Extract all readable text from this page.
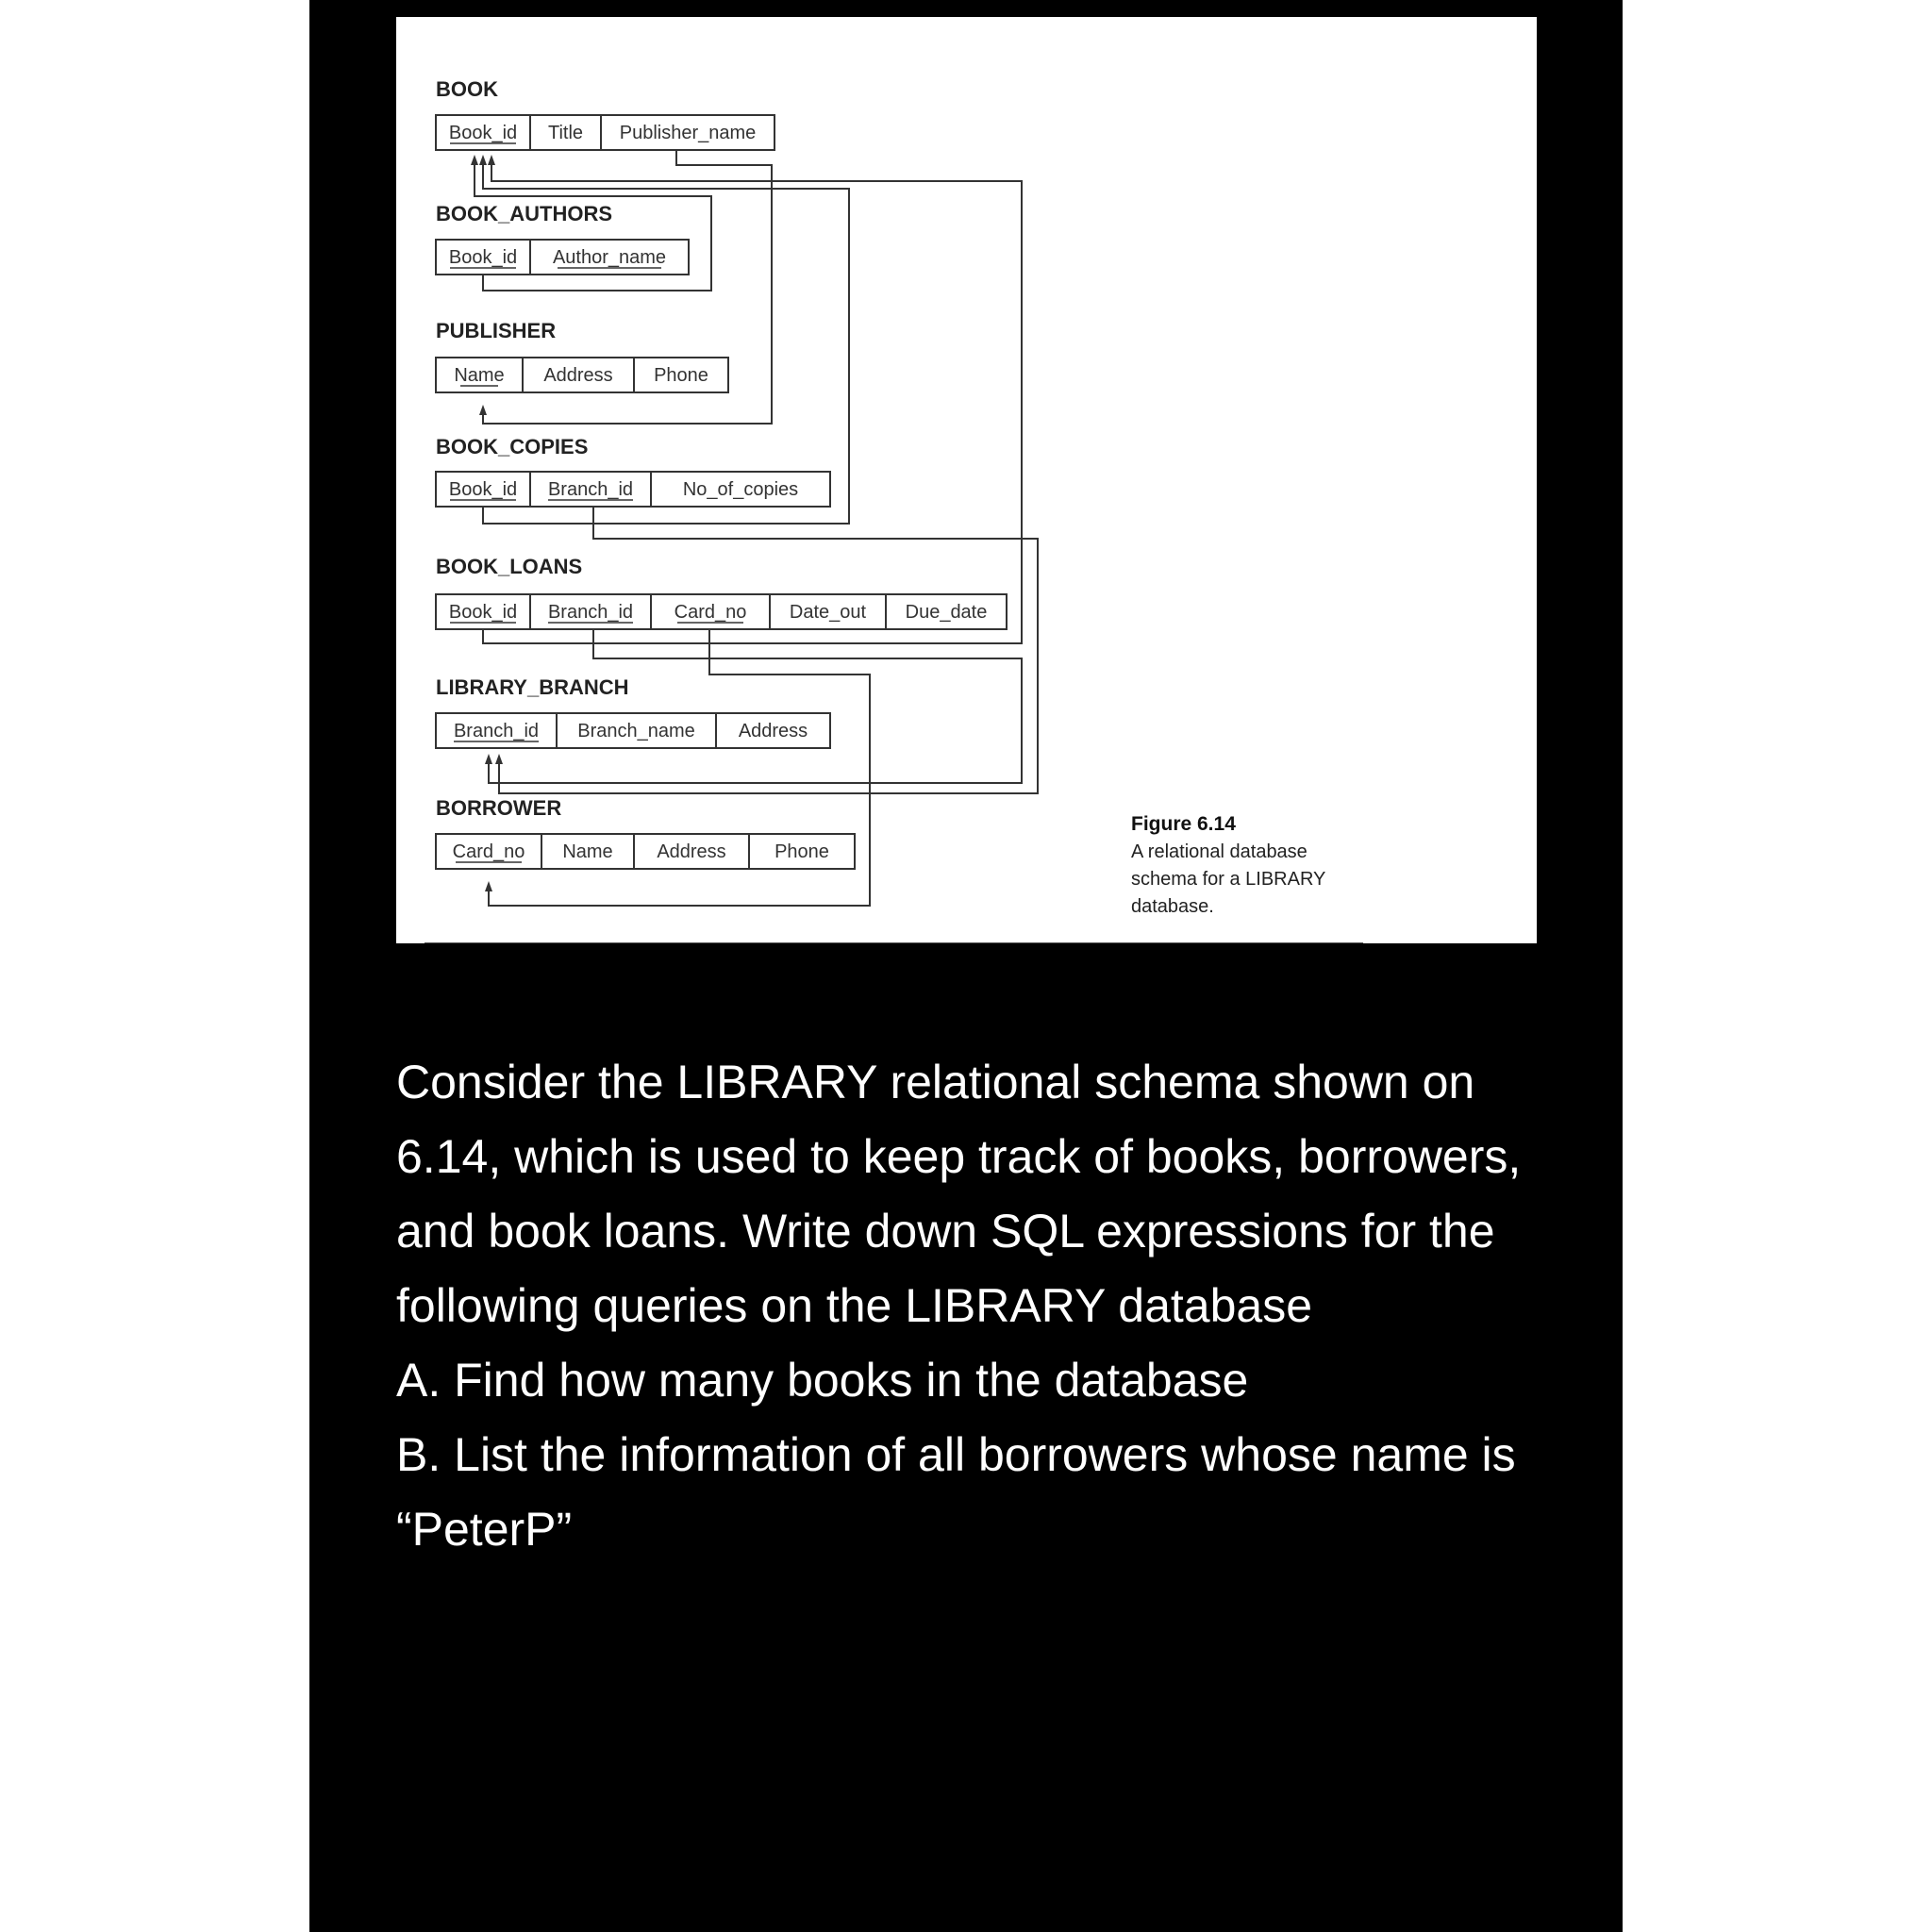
BOOK
Book_id Title Publisher_name
BOOK_AUTHORS
Book_id Author_name
PUBLISHER
Name Address Phone
BOOK_COPIES
Book_id Branch_id	No_of_copies
BOOK_LOANS
Book_id Branch_id Card_no Date_out Due_date
LIBRARY_BRANCH
Branch_id Branch_name Address
BORROWER
Card_no Name Address	Phone
Figure 6.14
A relational database
schema for a LIBRARY
database.

Consider the LIBRARY relational schema shown on 6.14, which is used to keep track of books, borrowers, and book loans. Write down SQL expressions for the following queries on the LIBRARY database

A. Find how many books in the database

B. List the information of all borrowers whose name is “PeterP”
